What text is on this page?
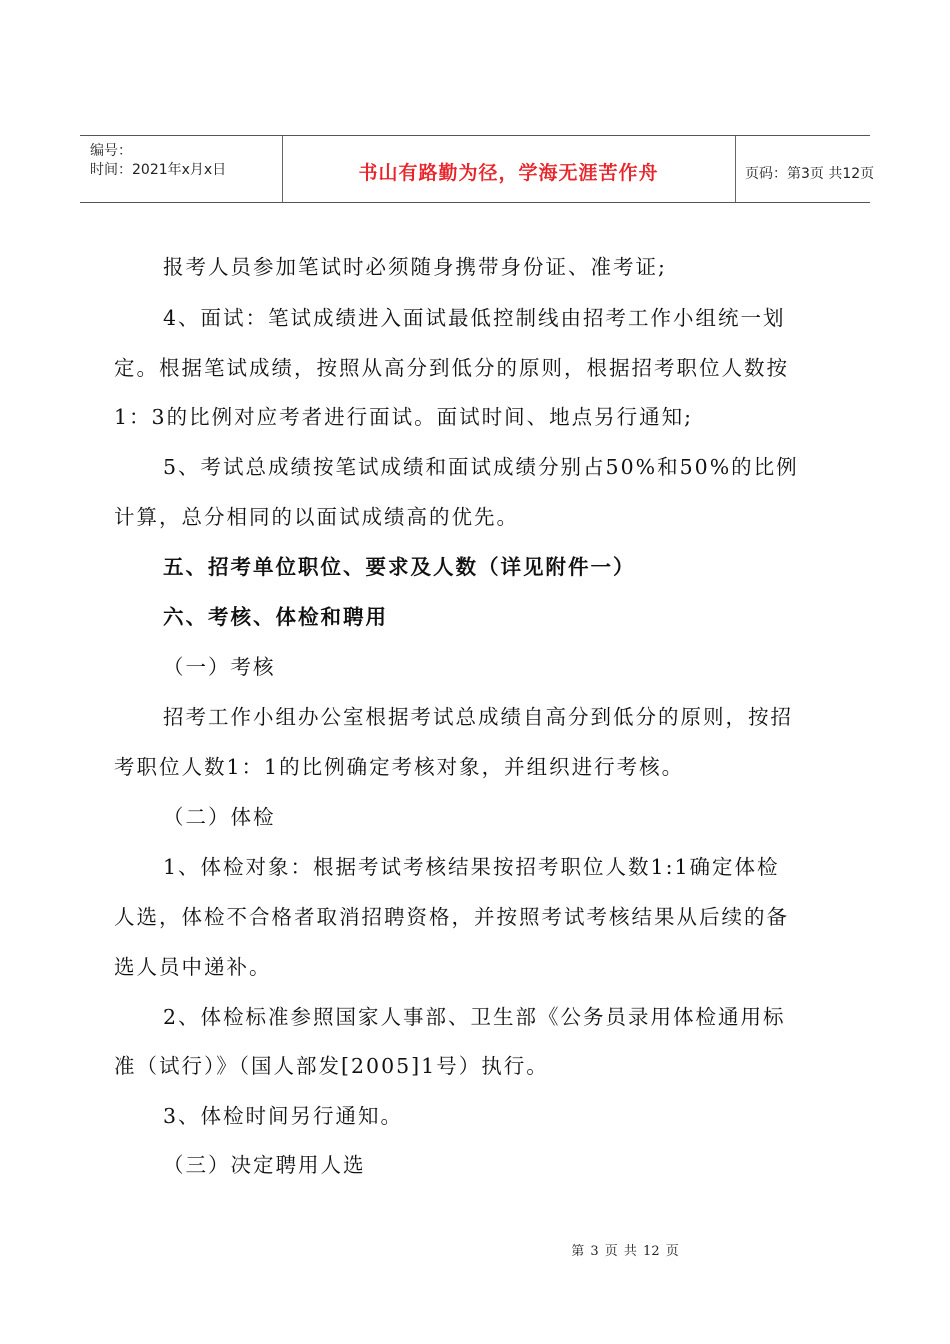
编号：
时间：2021年x月x日	书山有路勤为径，学海无涯苦作舟	页码：第3页 共12页
报考人员参加笔试时必须随身携带身份证、准考证;
4、面试：笔试成绩进入面试最低控制线由招考工作小组统一划
定。根据笔试成绩，按照从高分到低分的原则，根据招考职位人数按
1：3的比例对应考者进行面试。面试时间、地点另行通知;
5、考试总成绩按笔试成绩和面试成绩分别占50%和50%的比例
计算，总分相同的以面试成绩高的优先。
五、招考单位职位、要求及人数（详见附件一）
六、考核、体检和聘用
（一）考核
招考工作小组办公室根据考试总成绩自高分到低分的原则，按招
考职位人数1：1的比例确定考核对象，并组织进行考核。
（二）体检
1、体检对象：根据考试考核结果按招考职位人数1:1确定体检
人选，体检不合格者取消招聘资格，并按照考试考核结果从后续的备
选人员中递补。
2、体检标准参照国家人事部、卫生部《公务员录用体检通用标
准（试行）》（国人部发[2005]1号）执行。
3、体检时间另行通知。
（三）决定聘用人选
第 3 页 共 12 页
